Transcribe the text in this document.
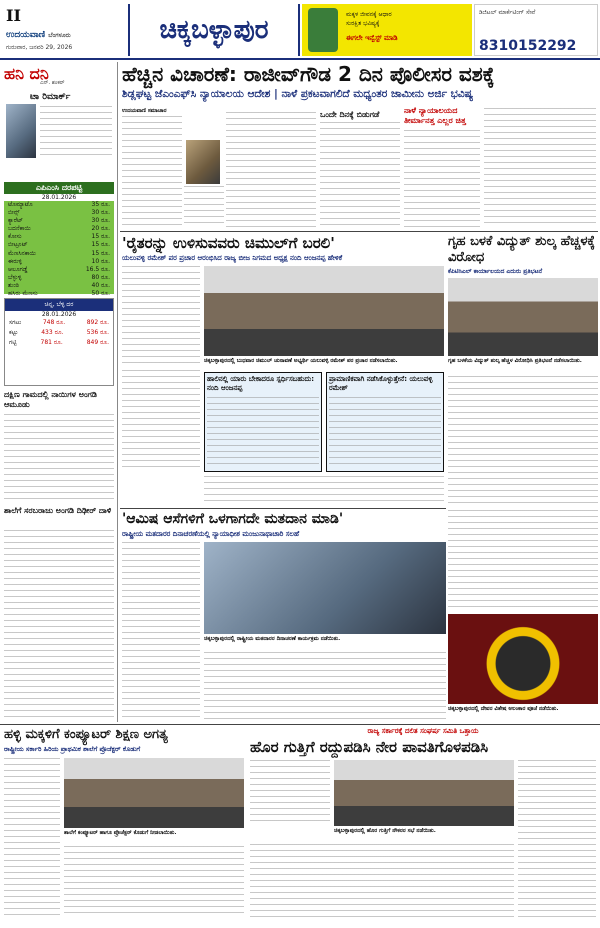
II
ಉದಯವಾಣಿ ಬೆಂಗಳೂರು
ಗುರುವಾರ, ಜನವರಿ 29, 2026
ಚಿಕ್ಕಬಳ್ಳಾಪುರ
ಮಕ್ಕಳ ಜೀವನಕ್ಕೆ ಆಧಾರ
ಸುರಕ್ಷಿತ ಭವಿಷ್ಯಕ್ಕೆ
ಈಗಲೇ ಇನ್ವೆಸ್ಟ್ ಮಾಡಿ
ಡಿಜಿಟಲ್ ಮಾರ್ಕೆಟಿಂಗ್ ಸೇವೆ
8310152292
ಹನಿ ದನಿ
ಎನ್. ಶಂಕರ್
ಟಾ ರಿಮಾರ್ಕ್
ಎಪಿಎಂಸಿ ದರಪಟ್ಟಿ
28.01.2026
ಟೊಮ್ಯಾಟೊ	35 ರೂ.
ಬೀನ್ಸ್	30 ರೂ.
ಕ್ಯಾರೆಟ್	30 ರೂ.
ಬದನೆಕಾಯಿ	20 ರೂ.
ಕೋಸು	15 ರೂ.
ಬೀಟ್ರೂಟ್	15 ರೂ.
ಮೆಣಸಿನಕಾಯಿ	15 ರೂ.
ಈರುಳ್ಳಿ	10 ರೂ.
ಆಲೂಗಡ್ಡೆ	16.5 ರೂ.
ಬೆಳ್ಳುಳ್ಳಿ	80 ರೂ.
ಶುಂಠಿ	40 ರೂ.
ಹಸಿರು ಮೆಣಸು	50 ರೂ.
ಚಿನ್ನ, ಬೆಳ್ಳಿ ದರ
28.01.2026
ಸಗಟು	748 ರೂ.	892 ರೂ.
ಕಟ್ಟು	433 ರೂ.	536 ರೂ.
ಗಟ್ಟಿ	781 ರೂ.	849 ರೂ.
ದಕ್ಷಿಣ ಗಾಮದಲ್ಲಿ ನಾಯಿಗಳ ಅಂಗಡಿ ಆಮೂಡು
ಶಾಲೆಗೆ ಸರಬರಾಜು ಅಂಗಡಿ ದಿಢೀರ್ ದಾಳಿ
ಹೆಚ್ಚಿನ ವಿಚಾರಣೆ: ರಾಜೀವ್‌ಗೌಡ 2 ದಿನ ಪೊಲೀಸರ ವಶಕ್ಕೆ
ಶಿಡ್ಲಘಟ್ಟ ಜೆಎಂಎಫ್‌ಸಿ ನ್ಯಾಯಾಲಯ ಆದೇಶ | ನಾಳೆ ಪ್ರಕಟವಾಗಲಿದೆ ಮಧ್ಯಂತರ ಜಾಮೀನು ಅರ್ಜಿ ಭವಿಷ್ಯ
ಉದಯವಾಣಿ ಸಮಾಚಾರ	ಒಂದೇ ದಿನಕ್ಕೆ ಬಿಡುಗಡೆ	ನಾಳೆ ನ್ಯಾಯಾಲಯದ ತೀರ್ಮಾನತ್ತ ಎಲ್ಲರ ಚಿತ್ತ
'ರೈತರನ್ನು ಉಳಿಸುವವರು ಚಿಮುಲ್‌ಗೆ ಬರಲಿ'
ಯಲುವಳ್ಳಿ ರಮೇಶ್ ಪರ ಪ್ರಚಾರ ಆರಂಭಿಸಿದ ರಾಜ್ಯ ಬೀಜ ನಿಗಮದ ಅಧ್ಯಕ್ಷ ನಂದಿ ಆಂಜನಪ್ಪ ಹೇಳಿಕೆ
ಚಿಕ್ಕಬಳ್ಳಾಪುರದಲ್ಲಿ ಬುಧವಾರ ಚಿಮುಲ್ ಚುನಾವಣೆ ಅಭ್ಯರ್ಥಿ ಯಲುವಳ್ಳಿ ರಮೇಶ್ ಪರ ಪ್ರಚಾರ ನಡೆಸಲಾಯಿತು.
ಹಾಲಿನಲ್ಲಿ ಯಾರು ಬೇಕಾದರೂ ಸ್ಪರ್ಧಿಸಬಹುದು: ನಂದಿ ಆಂಜನಪ್ಪ
ಪ್ರಾಮಾಣಿಕವಾಗಿ ನಡೆಸಿಕೊಳ್ಳುತ್ತೇನೆ: ಯಲುವಳ್ಳಿ ರಮೇಶ್
ಗೃಹ ಬಳಕೆ ವಿದ್ಯುತ್ ಶುಲ್ಕ ಹೆಚ್ಚಳಕ್ಕೆ ವಿರೋಧ
ಕೆಪಿಟಿಸಿಎಲ್ ಕಾರ್ಯಾಲಯದ ಎದುರು ಪ್ರತಿಭಟನೆ
ಗೃಹ ಬಳಕೆಯ ವಿದ್ಯುತ್ ಶುಲ್ಕ ಹೆಚ್ಚಳ ವಿರೋಧಿಸಿ ಪ್ರತಿಭಟನೆ ನಡೆಸಲಾಯಿತು.
'ಆಮಿಷ ಆಸೆಗಳಿಗೆ ಒಳಗಾಗದೇ ಮತದಾನ ಮಾಡಿ'
ರಾಷ್ಟ್ರೀಯ ಮತದಾರರ ದಿನಾಚರಣೆಯಲ್ಲಿ ನ್ಯಾಯಾಧೀಶ ಮಂಜುನಾಥಾಚಾರಿ ಸಲಹೆ
ಚಿಕ್ಕಬಳ್ಳಾಪುರದಲ್ಲಿ ರಾಷ್ಟ್ರೀಯ ಮತದಾರರ ದಿನಾಚರಣೆ ಕಾರ್ಯಕ್ರಮ ನಡೆಯಿತು.
ಚಿಕ್ಕಬಳ್ಳಾಪುರದಲ್ಲಿ ದೇವರ ವಿಶೇಷ ಅಲಂಕಾರ ಪೂಜೆ ನಡೆಯಿತು.
ಹಳ್ಳಿ ಮಕ್ಕಳಿಗೆ ಕಂಪ್ಯೂಟರ್ ಶಿಕ್ಷಣ ಅಗತ್ಯ
ರಾಷ್ಟ್ರೀಯ ಸರ್ಕಾರಿ ಹಿರಿಯ ಪ್ರಾಥಮಿಕ ಶಾಲೆಗೆ ಪ್ರೊಜೆಕ್ಟರ್ ಕೊಡುಗೆ
ಶಾಲೆಗೆ ಕಂಪ್ಯೂಟರ್ ಹಾಗೂ ಪ್ರೊಜೆಕ್ಟರ್ ಕೊಡುಗೆ ನೀಡಲಾಯಿತು.
ರಾಜ್ಯ ಸರ್ಕಾರಕ್ಕೆ ದಲಿತ ಸಂಘರ್ಷ ಸಮಿತಿ ಒತ್ತಾಯ
ಹೊರ ಗುತ್ತಿಗೆ ರದ್ದುಪಡಿಸಿ ನೇರ ಪಾವತಿಗೊಳಪಡಿಸಿ
ಚಿಕ್ಕಬಳ್ಳಾಪುರದಲ್ಲಿ ಹೊರ ಗುತ್ತಿಗೆ ನೌಕರರ ಸಭೆ ನಡೆಯಿತು.
